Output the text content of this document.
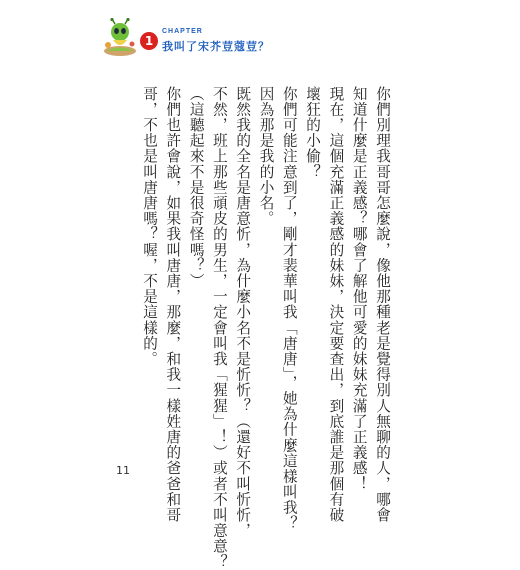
1
CHAPTER
我叫了宋芥荳蔻荳？
你們別理我哥哥怎麼說，像他那種老是覺得別人無聊的人，哪會
知道什麼是正義感？哪會了解他可愛的妹妹充滿了正義感！
現在，這個充滿正義感的妹妹，決定要查出，到底誰是那個有破
壞狂的小偷？
你們可能注意到了，剛才裴華叫我「唐唐」，她為什麼這樣叫我？
因為那是我的小名。
既然我的全名是唐意忻，為什麼小名不是忻忻？（還好不叫忻忻，
不然，班上那些頑皮的男生，一定會叫我「猩猩」！）或者不叫意意？
（這聽起來不是很奇怪嗎？）
你們也許會說，如果我叫唐唐，那麼，和我一樣姓唐的爸爸和哥
哥，不也是叫唐唐嗎？喔，不是這樣的。
11
